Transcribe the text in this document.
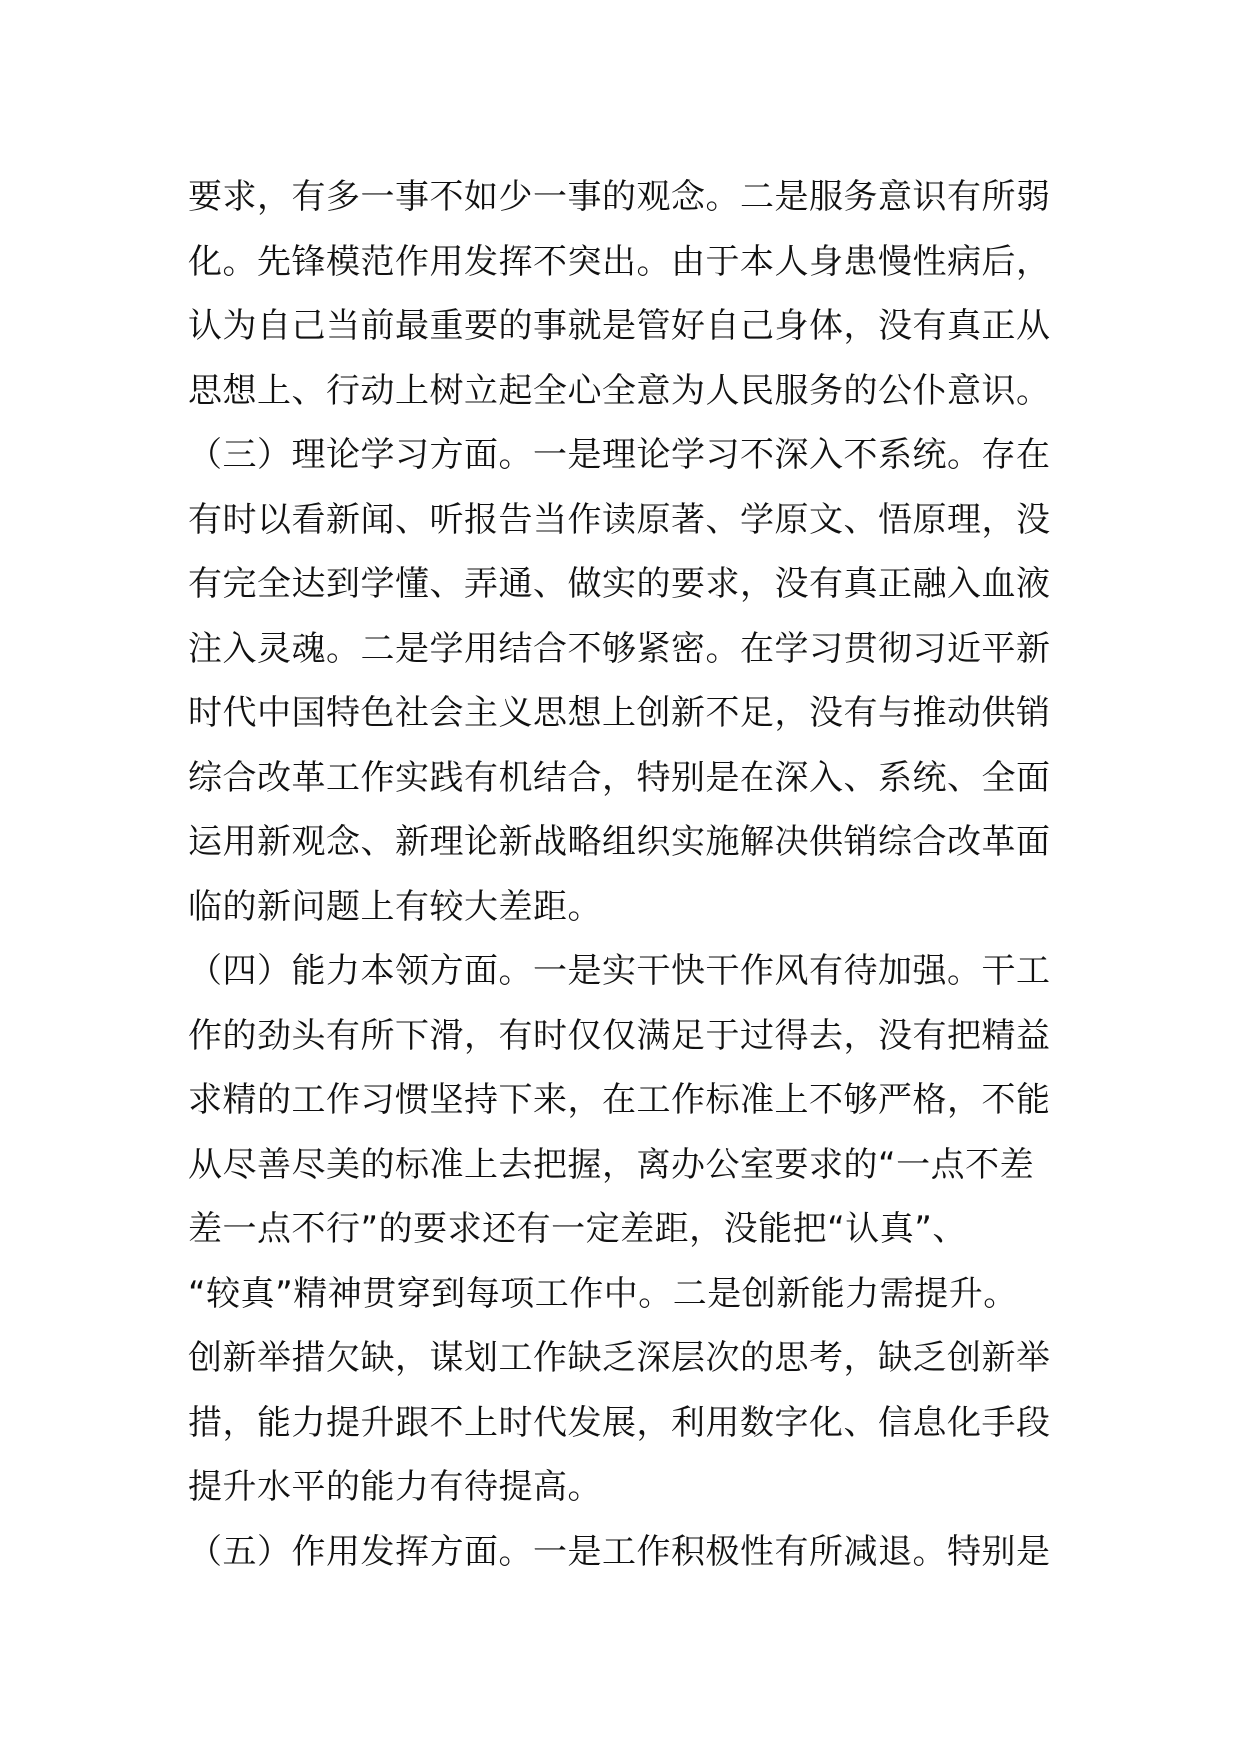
要求，有多一事不如少一事的观念。二是服务意识有所弱
化。先锋模范作用发挥不突出。由于本人身患慢性病后，
认为自己当前最重要的事就是管好自己身体，没有真正从
思想上、行动上树立起全心全意为人民服务的公仆意识。
（三）理论学习方面。一是理论学习不深入不系统。存在
有时以看新闻、听报告当作读原著、学原文、悟原理，没
有完全达到学懂、弄通、做实的要求，没有真正融入血液
注入灵魂。二是学用结合不够紧密。在学习贯彻习近平新
时代中国特色社会主义思想上创新不足，没有与推动供销
综合改革工作实践有机结合，特别是在深入、系统、全面
运用新观念、新理论新战略组织实施解决供销综合改革面
临的新问题上有较大差距。
（四）能力本领方面。一是实干快干作风有待加强。干工
作的劲头有所下滑，有时仅仅满足于过得去，没有把精益
求精的工作习惯坚持下来，在工作标准上不够严格，不能
从尽善尽美的标准上去把握，离办公室要求的“一点不差
差一点不行”的要求还有一定差距，没能把“认真”、
“较真”精神贯穿到每项工作中。二是创新能力需提升。
创新举措欠缺，谋划工作缺乏深层次的思考，缺乏创新举
措，能力提升跟不上时代发展，利用数字化、信息化手段
提升水平的能力有待提高。
（五）作用发挥方面。一是工作积极性有所减退。特别是
